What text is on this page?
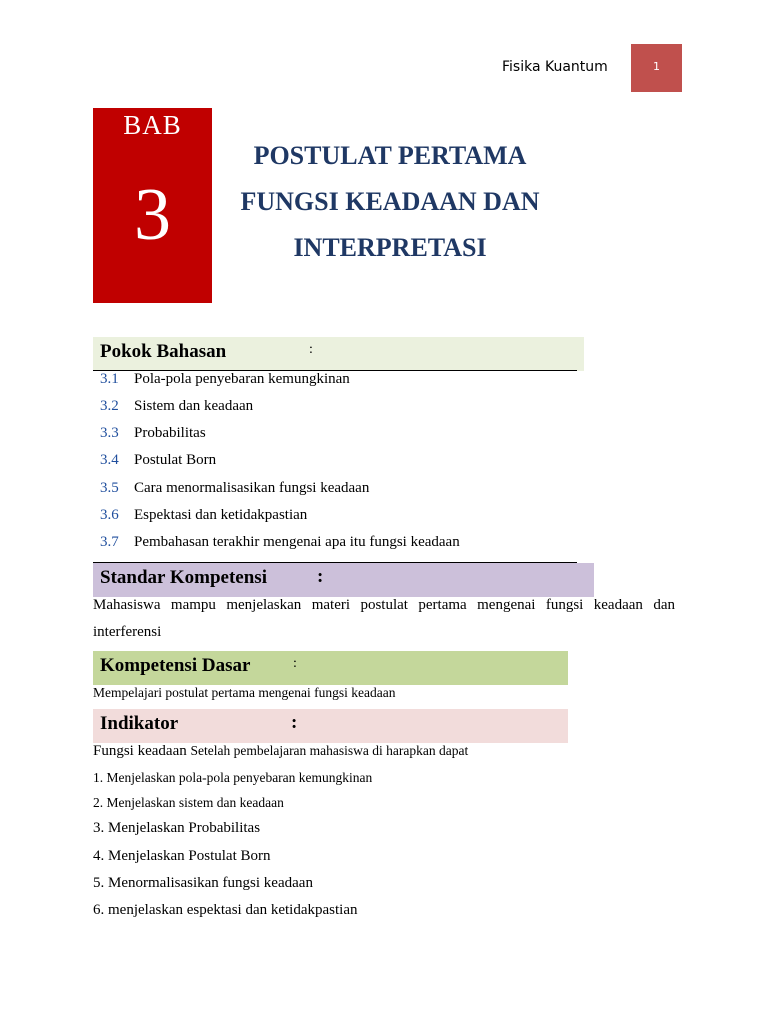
Fisika Kuantum	1
BAB
3
POSTULAT PERTAMA
FUNGSI KEADAAN DAN
INTERPRETASI
Pokok Bahasan	:
3.1 Pola-pola penyebaran kemungkinan
3.2 Sistem dan keadaan
3.3 Probabilitas
3.4 Postulat Born
3.5 Cara menormalisasikan fungsi keadaan
3.6 Espektasi dan ketidakpastian
3.7 Pembahasan terakhir mengenai apa itu fungsi keadaan
Standar Kompetensi	:
Mahasiswa mampu menjelaskan materi postulat pertama mengenai fungsi keadaan dan interferensi
Kompetensi Dasar	:
Mempelajari postulat pertama mengenai fungsi keadaan
Indikator	:
Fungsi keadaan Setelah pembelajaran mahasiswa di harapkan dapat
1. Menjelaskan pola-pola penyebaran kemungkinan
2. Menjelaskan sistem dan keadaan
3. Menjelaskan Probabilitas
4. Menjelaskan Postulat Born
5. Menormalisasikan fungsi keadaan
6. menjelaskan espektasi dan ketidakpastian
